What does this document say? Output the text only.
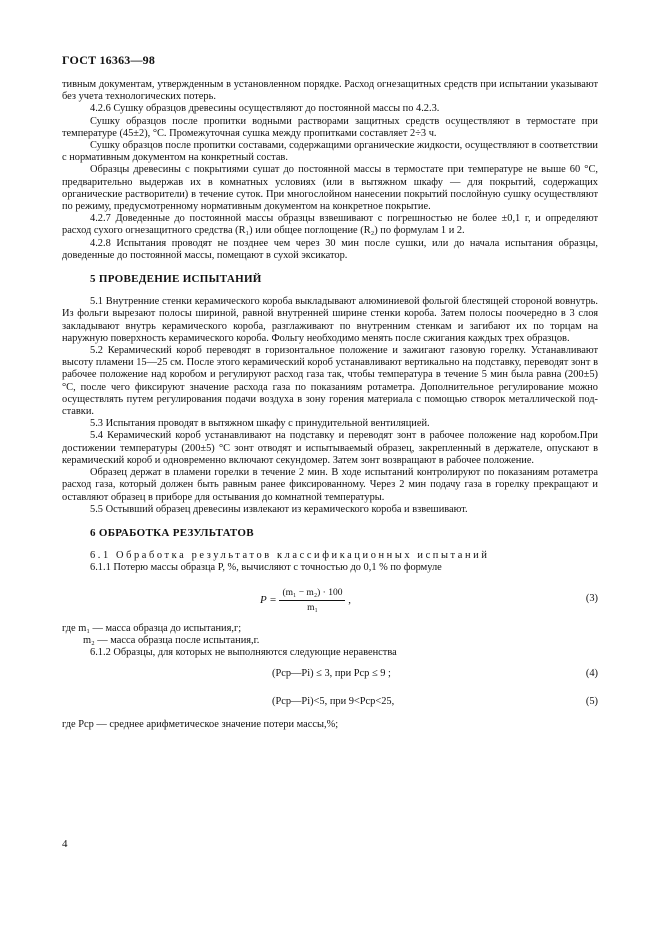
ГОСТ 16363—98

тивным документам, утвержденным в установленном порядке. Расход огнезащитных средств при испытании указывают без учета технологических потерь.

4.2.6 Сушку образцов древесины осуществляют до постоянной массы по 4.2.3.

Сушку образцов после пропитки водными растворами защитных средств осуществляют в термостате при температуре (45±2), °С. Промежуточная сушка между пропитками составляет 2÷3 ч.

Сушку образцов после пропитки составами, содержащими органические жидкости, осуществляют в соответствии с нормативным документом на конкретный состав.

Образцы древесины с покрытиями сушат до постоянной массы в термостате при температуре не выше 60 °С, предварительно выдержав их в комнатных условиях (или в вытяжном шкафу — для покрытий, содержащих органические растворители) в течение суток. При многослойном нанесении покрытий послойную сушку осуществляют по режиму, предусмотренному нормативным документом на конкретное покрытие.

4.2.7 Доведенные до постоянной массы образцы взвешивают с погрешностью не более ±0,1 г, и определяют расход сухого огнезащитного средства (R₁) или общее поглощение (R₂) по формулам 1 и 2.

4.2.8 Испытания проводят не позднее чем через 30 мин после сушки, или до начала испытания образцы, доведенные до постоянной массы, помещают в сухой эксикатор.

5 ПРОВЕДЕНИЕ ИСПЫТАНИЙ

5.1 Внутренние стенки керамического короба выкладывают алюминиевой фольгой блестящей стороной вовнутрь. Из фольги вырезают полосы шириной, равной внутренней ширине стенки короба. Затем полосы поочередно в 3 слоя закладывают внутрь керамического короба, разглаживают по внутренним стенкам и загибают их по торцам на наружную поверхность керамического короба. Фольгу необходимо менять после сжигания каждых трех образцов.

5.2 Керамический короб переводят в горизонтальное положение и зажигают газовую горелку. Устанавливают высоту пламени 15—25 см. После этого керамический короб устанавливают вертикально на подставку, переводят зонт в рабочее положение над коробом и регулируют расход газа так, чтобы температура в течение 5 мин была равна (200±5) °С, после чего фиксируют значение расхода газа по показаниям ротаметра. Дополнительное регулирование можно осуществлять путем регулирования подачи воздуха в зону горения материала с помощью створок металлической подставки.

5.3 Испытания проводят в вытяжном шкафу с принудительной вентиляцией.

5.4 Керамический короб устанавливают на подставку и переводят зонт в рабочее положение над коробом.При достижении температуры (200±5) °С зонт отводят и испытываемый образец, закрепленный в держателе, опускают в керамический короб и одновременно включают секундомер. Затем зонт возвращают в рабочее положение.

Образец держат в пламени горелки в течение 2 мин. В ходе испытаний контролируют по показаниям ротаметра расход газа, который должен быть равным ранее фиксированному. Через 2 мин подачу газа в горелку прекращают и оставляют образец в приборе для остывания до комнатной температуры.

5.5 Остывший образец древесины извлекают из керамического короба и взвешивают.

6 ОБРАБОТКА РЕЗУЛЬТАТОВ

6.1 Обработка результатов классификационных испытаний

6.1.1 Потерю массы образца P, %, вычисляют с точностью до 0,1 % по формуле

$P = \frac{\text{(m₁ − m₂) · 100}}{\text{m₁}}$ ,	(3)

где m₁ — масса образца до испытания,г;

m₂ — масса образца после испытания,г.

6.1.2 Образцы, для которых не выполняются следующие неравенства

(Pср—Pi) ≤ 3, при Pср ≤ 9 ;	(4)
(Pср—Pi)<5, при 9<Pср<25,	(5)

где Pср — среднее арифметическое значение потери массы,%;

4
